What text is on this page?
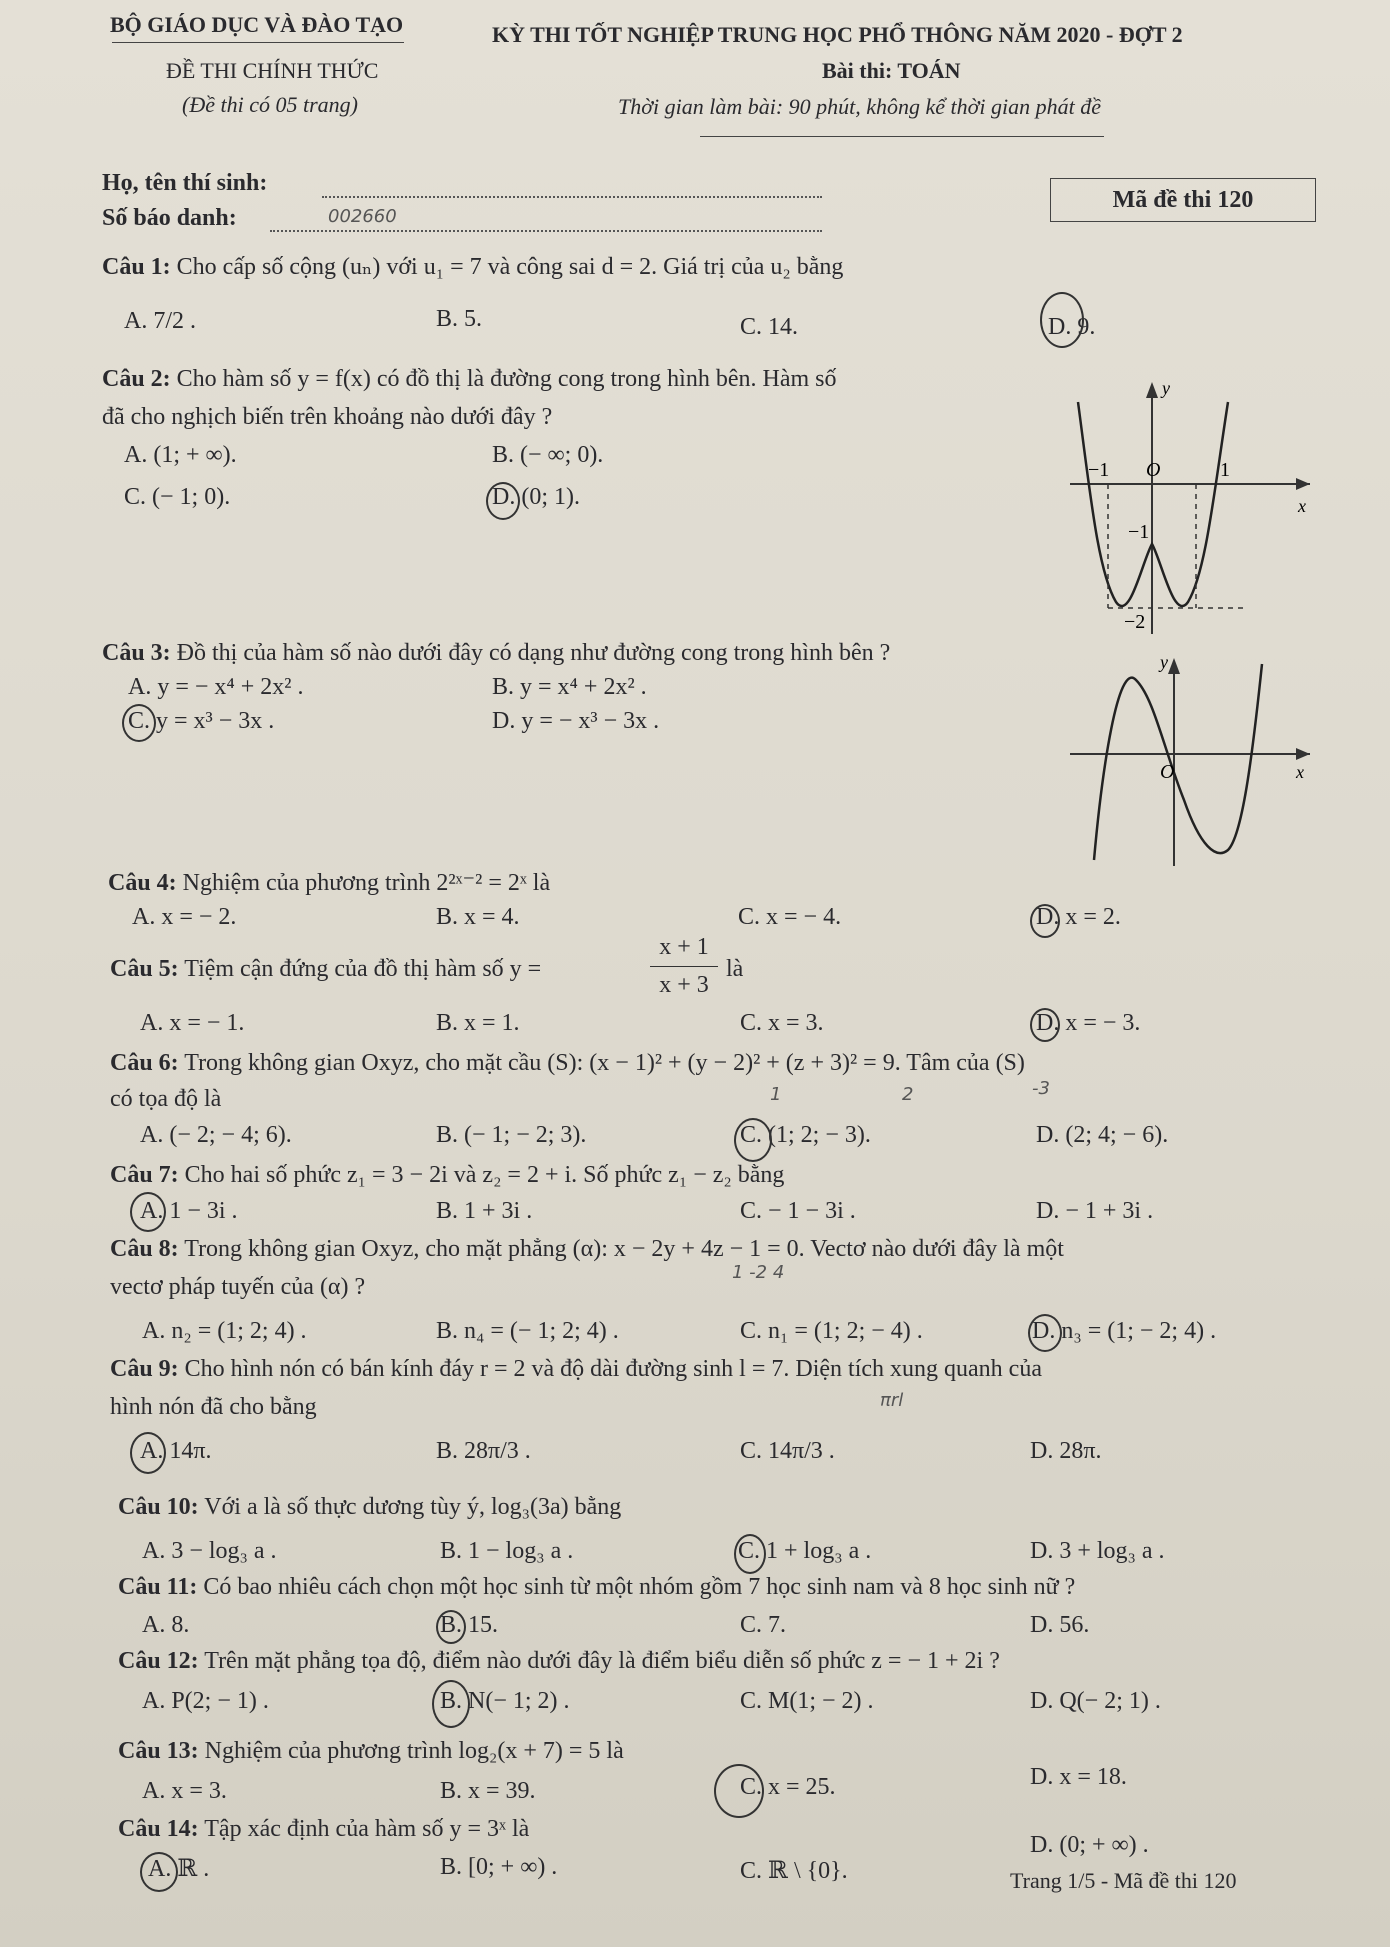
BỘ GIÁO DỤC VÀ ĐÀO TẠO	KỲ THI TỐT NGHIỆP TRUNG HỌC PHỔ THÔNG NĂM 2020 - ĐỢT 2
ĐỀ THI CHÍNH THỨC	Bài thi: TOÁN
(Đề thi có 05 trang)	Thời gian làm bài: 90 phút, không kể thời gian phát đề
Họ, tên thí sinh:
Số báo danh:	002660
Mã đề thi 120
Câu 1: Cho cấp số cộng (uₙ) với u₁ = 7 và công sai d = 2. Giá trị của u₂ bằng
A. 7/2 .	B. 5.	C. 14.	D. 9.
Câu 2: Cho hàm số y = f(x) có đồ thị là đường cong trong hình bên. Hàm số
đã cho nghịch biến trên khoảng nào dưới đây ?
A. (1; + ∞).	B. (− ∞; 0).
C. (− 1; 0).	D. (0; 1).
y
x
−1 O	1
−1
−2
Câu 3: Đồ thị của hàm số nào dưới đây có dạng như đường cong trong hình bên ?
A. y = − x⁴ + 2x² .	B. y = x⁴ + 2x² .
C. y = x³ − 3x .	D. y = − x³ − 3x .
y
x
O
Câu 4: Nghiệm của phương trình 2²ˣ⁻² = 2ˣ là
A. x = − 2.	B. x = 4.	C. x = − 4.	D. x = 2.
Câu 5: Tiệm cận đứng của đồ thị hàm số y =
x + 1
x + 3
là
A. x = − 1.	B. x = 1.	C. x = 3.	D. x = − 3.
Câu 6: Trong không gian Oxyz, cho mặt cầu (S): (x − 1)² + (y − 2)² + (z + 3)² = 9. Tâm của (S)
có tọa độ là	1	2	-3
A. (− 2; − 4; 6).	B. (− 1; − 2; 3).	C. (1; 2; − 3).	D. (2; 4; − 6).
Câu 7: Cho hai số phức z₁ = 3 − 2i và z₂ = 2 + i. Số phức z₁ − z₂ bằng
A. 1 − 3i .	B. 1 + 3i .	C. − 1 − 3i .	D. − 1 + 3i .
Câu 8: Trong không gian Oxyz, cho mặt phẳng (α): x − 2y + 4z − 1 = 0. Vectơ nào dưới đây là một
vectơ pháp tuyến của (α) ?
1 -2 4
A. n₂ = (1; 2; 4) .	B. n₄ = (− 1; 2; 4) .	C. n₁ = (1; 2; − 4) .	D. n₃ = (1; − 2; 4) .
Câu 9: Cho hình nón có bán kính đáy r = 2 và độ dài đường sinh l = 7. Diện tích xung quanh của
hình nón đã cho bằng	πrl
A. 14π.	B. 28π/3 .	C. 14π/3 .	D. 28π.
Câu 10: Với a là số thực dương tùy ý, log₃(3a) bằng
A. 3 − log₃ a .	B. 1 − log₃ a .	C. 1 + log₃ a .	D. 3 + log₃ a .
Câu 11: Có bao nhiêu cách chọn một học sinh từ một nhóm gồm 7 học sinh nam và 8 học sinh nữ ?
A. 8.	B. 15.	C. 7.	D. 56.
Câu 12: Trên mặt phẳng tọa độ, điểm nào dưới đây là điểm biểu diễn số phức z = − 1 + 2i ?
A. P(2; − 1) .	B. N(− 1; 2) .	C. M(1; − 2) .	D. Q(− 2; 1) .
Câu 13: Nghiệm của phương trình log₂(x + 7) = 5 là
A. x = 3.	B. x = 39.	C. x = 25.	D. x = 18.
Câu 14: Tập xác định của hàm số y = 3ˣ là
A. ℝ .	B. [0; + ∞) .	C. ℝ \ {0}.
D. (0; + ∞) .
Trang 1/5 - Mã đề thi 120
